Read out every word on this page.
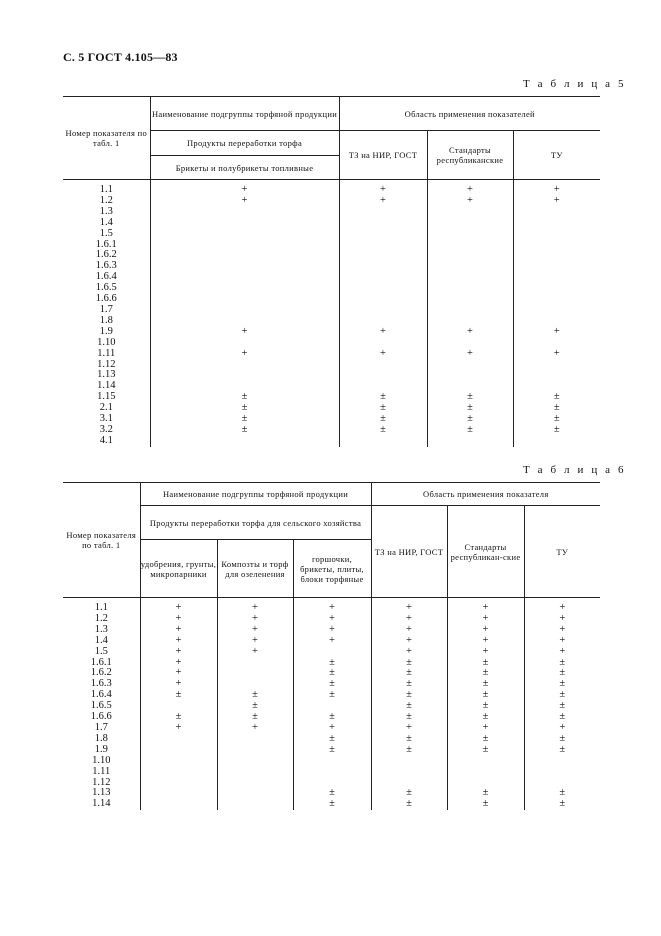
С. 5 ГОСТ 4.105—83
Т а б л и ц а 5
Номер показателя по табл. 1	Наименование подгруппы торфяной продукции	Область применения показателей		
	Продукты переработки торфа	ТЗ на НИР, ГОСТ	Стандарты республиканские	ТУ
	Брикеты и полубрикеты топливные			

1.1	+	+	+	+
1.2	+	+	+	+
1.3				
1.4				
1.5				
1.6.1				
1.6.2				
1.6.3				
1.6.4				
1.6.5				
1.6.6				
1.7				
1.8				
1.9	+	+	+	+
1.10				
1.11	+	+	+	+
1.12				
1.13				
1.14				
1.15	±	±	±	±
2.1	±	±	±	±
3.1	±	±	±	±
3.2	±	±	±	±
4.1				
Т а б л и ц а 6
Номер показателя по табл. 1	Наименование подгруппы торфяной продукции			Область применения показателя		
	Продукты переработки торфа для сельского хозяйства			ТЗ на НИР, ГОСТ	Стандарты республикан-ские	ТУ
	удобрения, грунты, микропарники	Композты и торф для озеленения	горшочки, брикеты, плиты, блоки торфяные			

1.1	+	+	+	+	+	+
1.2	+	+	+	+	+	+
1.3	+	+	+	+	+	+
1.4	+	+	+	+	+	+
1.5	+	+		+	+	+
1.6.1	+		±	±	±	±
1.6.2	+		±	±	±	±
1.6.3	+		±	±	±	±
1.6.4	±	±	±	±	±	±
1.6.5		±		±	±	±
1.6.6	±	±	±	±	±	±
1.7	+	+	+	+	+	+
1.8			±	±	±	±
1.9			±	±	±	±
1.10						
1.11						
1.12						
1.13			±	±	±	±
1.14			±	±	±	±
